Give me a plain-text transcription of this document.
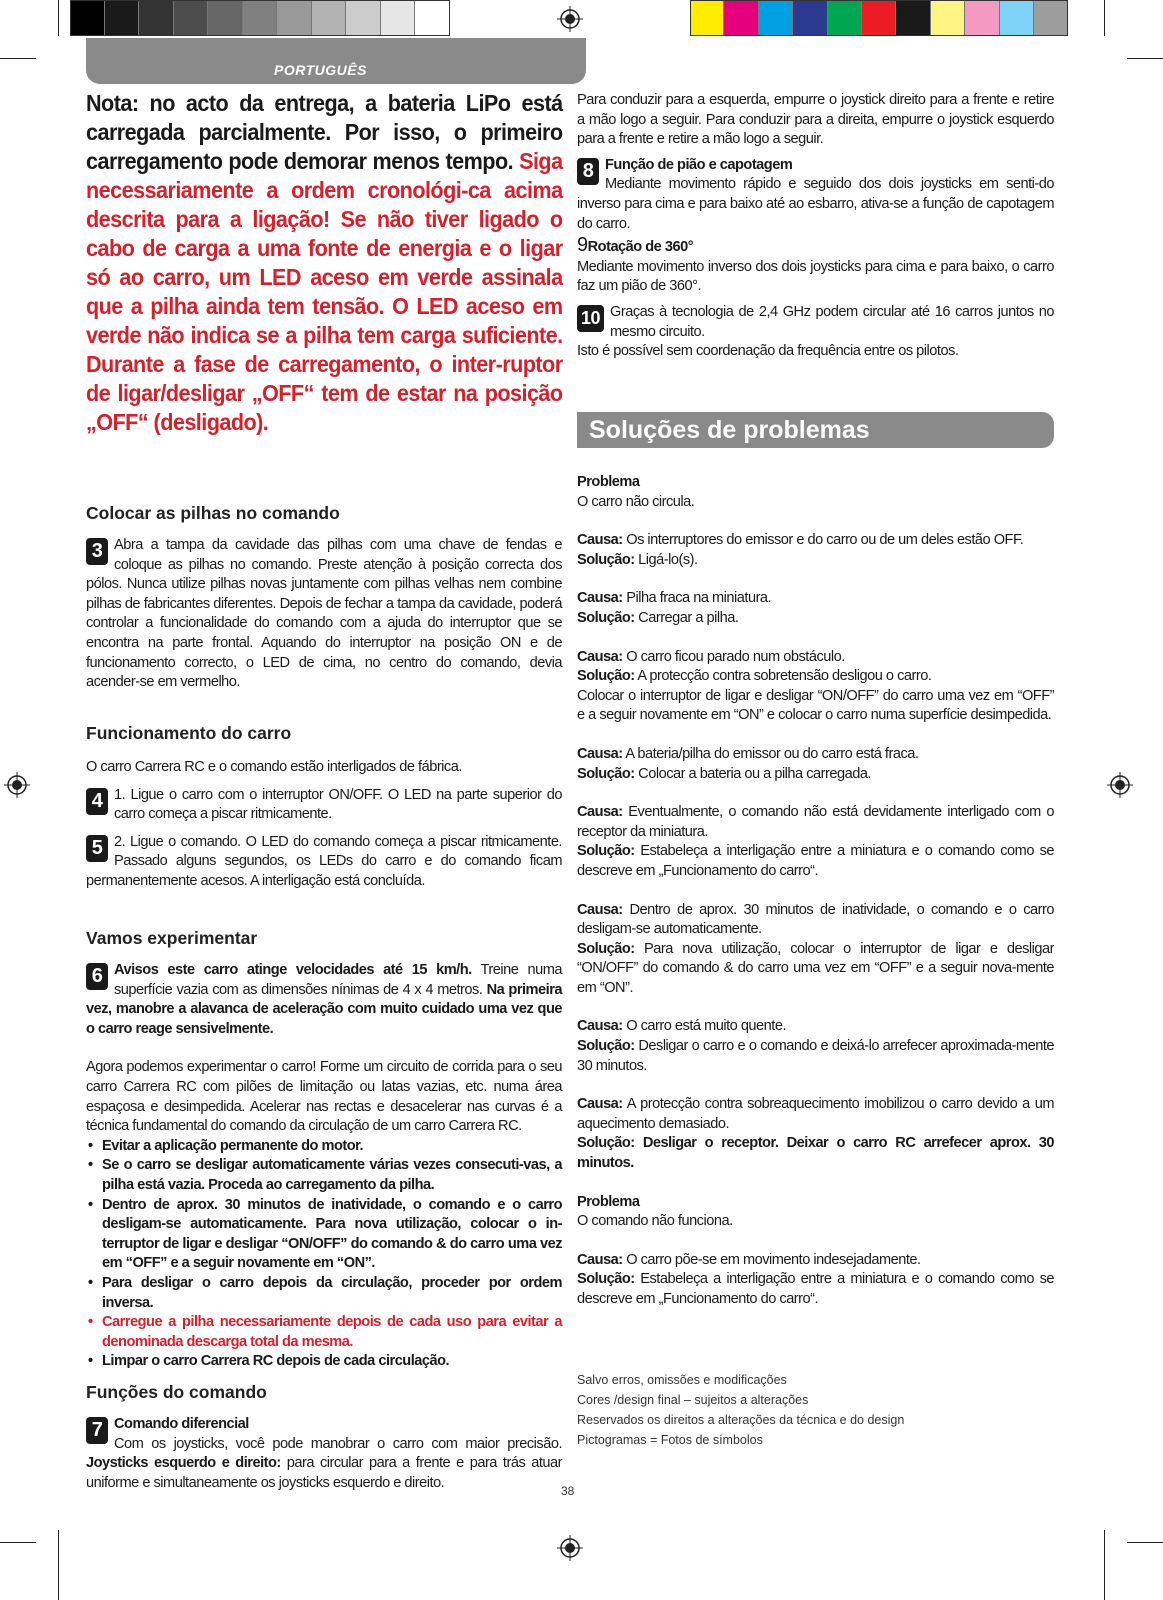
PORTUGUÊS
Nota: no acto da entrega, a bateria LiPo está carregada parcialmente. Por isso, o primeiro carregamento pode demorar menos tempo. Siga necessariamente a ordem cronológi-ca acima descrita para a ligação! Se não tiver ligado o cabo de carga a uma fonte de energia e o ligar só ao carro, um LED aceso em verde assinala que a pilha ainda tem tensão. O LED aceso em verde não indica se a pilha tem carga suficiente. Durante a fase de carregamento, o inter-ruptor de ligar/desligar „OFF“ tem de estar na posição „OFF“ (desligado).
Colocar as pilhas no comando
3 Abra a tampa da cavidade das pilhas com uma chave de fendas e coloque as pilhas no comando. Preste atenção à posição correcta dos pólos. Nunca utilize pilhas novas juntamente com pilhas velhas nem combine pilhas de fabricantes diferentes. Depois de fechar a tampa da cavidade, poderá controlar a funcionalidade do comando com a ajuda do interruptor que se encontra na parte frontal. Aquando do interruptor na posição ON e de funcionamento correcto, o LED de cima, no centro do comando, devia acender-se em vermelho.
Funcionamento do carro
O carro Carrera RC e o comando estão interligados de fábrica.
4 1. Ligue o carro com o interruptor ON/OFF. O LED na parte superior do carro começa a piscar ritmicamente.
5 2. Ligue o comando. O LED do comando começa a piscar ritmicamente. Passado alguns segundos, os LEDs do carro e do comando ficam permanentemente acesos. A interligação está concluída.
Vamos experimentar
6 Avisos este carro atinge velocidades até 15 km/h. Treine numa superfície vazia com as dimensões nínimas de 4 x 4 metros. Na primeira vez, manobre a alavanca de aceleração com muito cuidado uma vez que o carro reage sensivelmente.
Agora podemos experimentar o carro! Forme um circuito de corrida para o seu carro Carrera RC com pilões de limitação ou latas vazias, etc. numa área espaçosa e desimpedida. Acelerar nas rectas e desacelerar nas curvas é a técnica fundamental do comando da circulação de um carro Carrera RC.
• Evitar a aplicação permanente do motor.
• Se o carro se desligar automaticamente várias vezes consecuti-vas, a pilha está vazia. Proceda ao carregamento da pilha.
• Dentro de aprox. 30 minutos de inatividade, o comando e o carro desligam-se automaticamente. Para nova utilização, colocar o in-terruptor de ligar e desligar “ON/OFF” do comando & do carro uma vez em “OFF” e a seguir novamente em “ON”.
• Para desligar o carro depois da circulação, proceder por ordem inversa.
• Carregue a pilha necessariamente depois de cada uso para evitar a denominada descarga total da mesma.
• Limpar o carro Carrera RC depois de cada circulação.
Funções do comando
7 Comando diferencial
Com os joysticks, você pode manobrar o carro com maior precisão. Joysticks esquerdo e direito: para circular para a frente e para trás atuar uniforme e simultaneamente os joysticks esquerdo e direito.
Para conduzir para a esquerda, empurre o joystick direito para a frente e retire a mão logo a seguir. Para conduzir para a direita, empurre o joystick esquerdo para a frente e retire a mão logo a seguir.
8 Função de pião e capotagem
Mediante movimento rápido e seguido dos dois joysticks em senti-do inverso para cima e para baixo até ao esbarro, ativa-se a função de capotagem do carro.
9Rotação de 360°
Mediante movimento inverso dos dois joysticks para cima e para baixo, o carro faz um pião de 360°.
10 Graças à tecnologia de 2,4 GHz podem circular até 16 carros juntos no mesmo circuito.
Isto é possível sem coordenação da frequência entre os pilotos.
Soluções de problemas
Problema
O carro não circula.
Causa: Os interruptores do emissor e do carro ou de um deles estão OFF.
Solução: Ligá-lo(s).
Causa: Pilha fraca na miniatura.
Solução: Carregar a pilha.
Causa: O carro ficou parado num obstáculo.
Solução: A protecção contra sobretensão desligou o carro.
Colocar o interruptor de ligar e desligar “ON/OFF” do carro uma vez em “OFF” e a seguir novamente em “ON” e colocar o carro numa superfície desimpedida.
Causa: A bateria/pilha do emissor ou do carro está fraca.
Solução: Colocar a bateria ou a pilha carregada.
Causa: Eventualmente, o comando não está devidamente interligado com o receptor da miniatura.
Solução: Estabeleça a interligação entre a miniatura e o comando como se descreve em „Funcionamento do carro“.
Causa: Dentro de aprox. 30 minutos de inatividade, o comando e o carro desligam-se automaticamente.
Solução: Para nova utilização, colocar o interruptor de ligar e desligar “ON/OFF” do comando & do carro uma vez em “OFF” e a seguir nova-mente em “ON”.
Causa: O carro está muito quente.
Solução: Desligar o carro e o comando e deixá-lo arrefecer aproximada-mente 30 minutos.
Causa: A protecção contra sobreaquecimento imobilizou o carro devido a um aquecimento demasiado.
Solução: Desligar o receptor. Deixar o carro RC arrefecer aprox. 30 minutos.
Problema
O comando não funciona.
Causa: O carro põe-se em movimento indesejadamente.
Solução: Estabeleça a interligação entre a miniatura e o comando como se descreve em „Funcionamento do carro“.
Salvo erros, omissões e modificações
Cores /design final – sujeitos a alterações
Reservados os direitos a alterações da técnica e do design
Pictogramas = Fotos de símbolos
38
